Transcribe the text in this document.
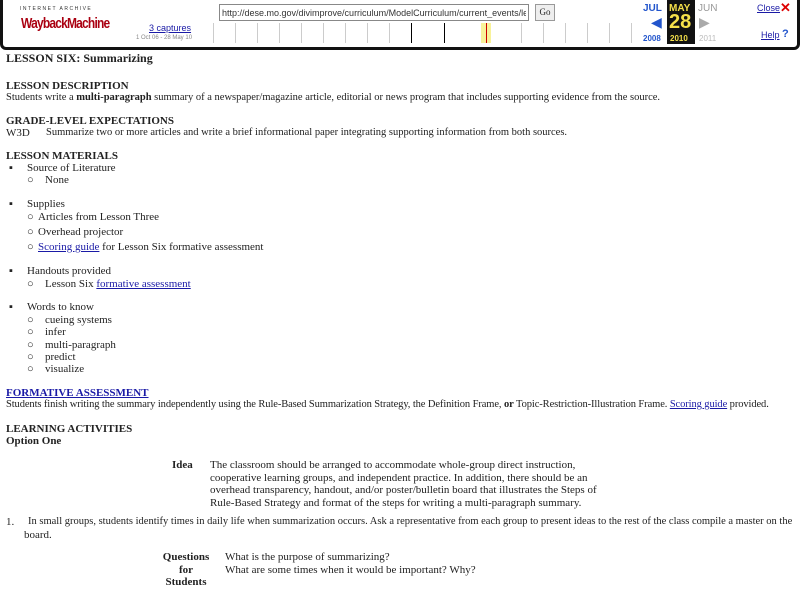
INTERNET ARCHIVE
WaybackMachine
http://dese.mo.gov/divimprove/curriculum/ModelCurriculum/current_events/lesson
Go
3 captures
1 Oct 06 - 28 May 10
JUL MAY JUN
◀ 28 ▶
2008 2010 2011
Close ✕
Help ?
LESSON SIX: Summarizing
LESSON DESCRIPTION
Students write a multi-paragraph summary of a newspaper/magazine article, editorial or news program that includes supporting evidence from the source.
GRADE-LEVEL EXPECTATIONS
W3D Summarize two or more articles and write a brief informational paper integrating supporting information from both sources.
LESSON MATERIALS
▪ Source of Literature
○ None
▪ Supplies
○ Articles from Lesson Three
○ Overhead projector
○ Scoring guide for Lesson Six formative assessment
▪ Handouts provided
○ Lesson Six formative assessment
▪ Words to know
○ cueing systems
○ infer
○ multi-paragraph
○ predict
○ visualize
FORMATIVE ASSESSMENT
Students finish writing the summary independently using the Rule-Based Summarization Strategy, the Definition Frame, or Topic-Restriction-Illustration Frame. Scoring guide provided.
LEARNING ACTIVITIES
Option One
Idea The classroom should be arranged to accommodate whole-group direct instruction,
cooperative learning groups, and independent practice. In addition, there should be an
overhead transparency, handout, and/or poster/bulletin board that illustrates the Steps of
Rule-Based Strategy and format of the steps for writing a multi-paragraph summary.
1. In small groups, students identify times in daily life when summarization occurs. Ask a representative from each group to present ideas to the rest of the class compile a master on the
board.
Questions
for
Students
What is the purpose of summarizing?
What are some times when it would be important? Why?
